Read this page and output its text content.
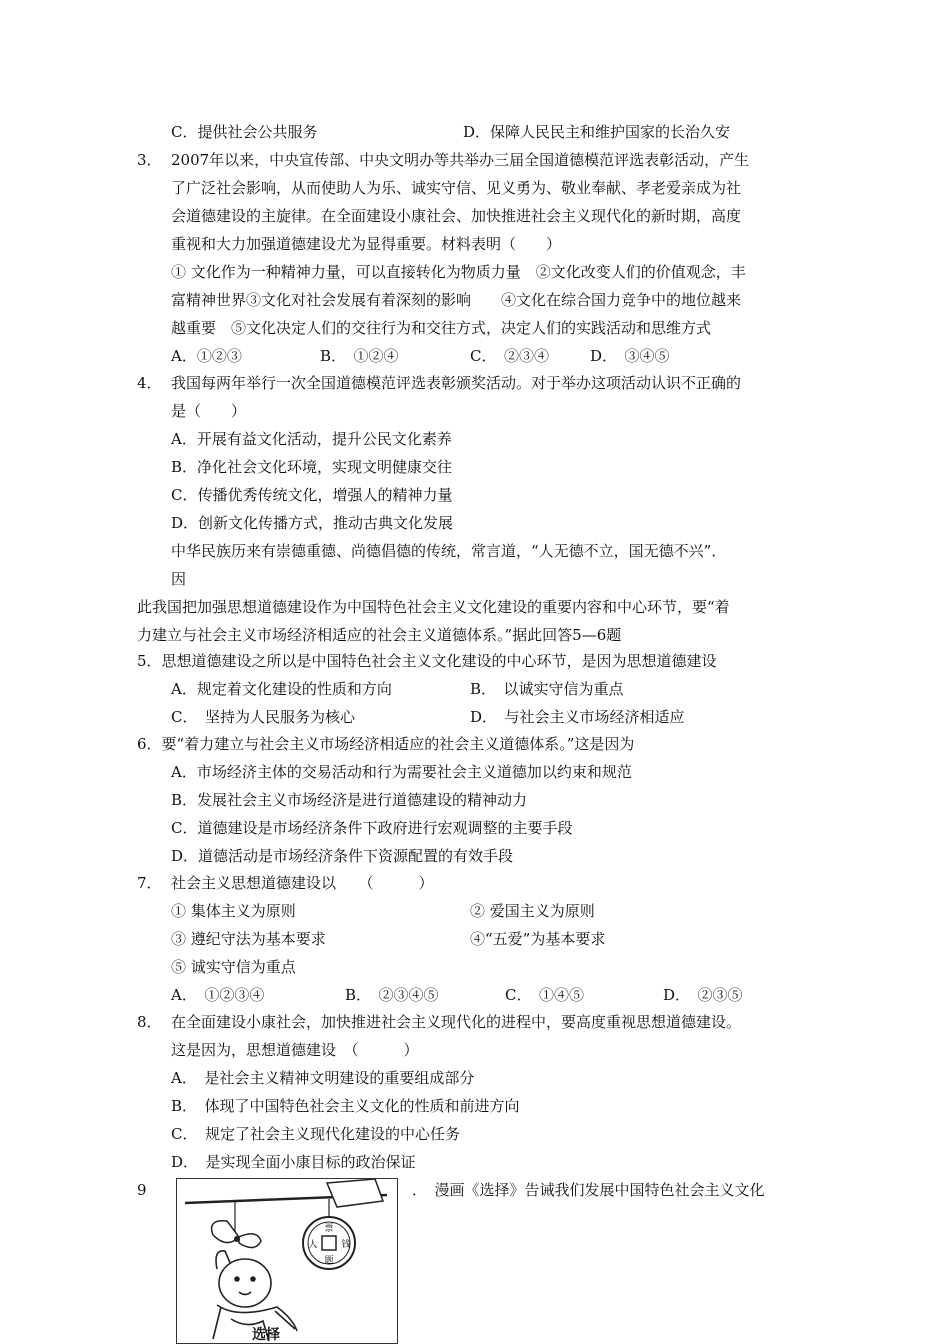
C．提供社会公共服务	D．保障人民民主和维护国家的长治久安
3． 2007年以来，中央宣传部、中央文明办等共举办三届全国道德模范评选表彰活动，产生
了广泛社会影响，从而使助人为乐、诚实守信、见义勇为、敬业奉献、孝老爱亲成为社
会道德建设的主旋律。在全面建设小康社会、加快推进社会主义现代化的新时期，高度
重视和大力加强道德建设尤为显得重要。材料表明（　　）
① 文化作为一种精神力量，可以直接转化为物质力量　②文化改变人们的价值观念，丰
富精神世界③文化对社会发展有着深刻的影响　　④文化在综合国力竞争中的地位越来
越重要　⑤文化决定人们的交往行为和交往方式，决定人们的实践活动和思维方式
A．①②③	B．　①②④	C．　②③④	D．　③④⑤
4． 我国每两年举行一次全国道德模范评选表彰颁奖活动。对于举办这项活动认识不正确的
是（　　）
A．开展有益文化活动，提升公民文化素养
B．净化社会文化环境，实现文明健康交往
C．传播优秀传统文化，增强人的精神力量
D．创新文化传播方式，推动古典文化发展
中华民族历来有崇德重德、尚德倡德的传统，常言道，“人无德不立，国无德不兴”．
因
此我国把加强思想道德建设作为中国特色社会主义文化建设的重要内容和中心环节，要“着
力建立与社会主义市场经济相适应的社会主义道德体系。”据此回答5—6题
5．思想道德建设之所以是中国特色社会主义文化建设的中心环节，是因为思想道德建设
A．规定着文化建设的性质和方向	B．　以诚实守信为重点
C．　坚持为人民服务为核心	D．　与社会主义市场经济相适应
6．要“着力建立与社会主义市场经济相适应的社会主义道德体系。”这是因为
A．市场经济主体的交易活动和行为需要社会主义道德加以约束和规范
B．发展社会主义市场经济是进行道德建设的精神动力
C．道德建设是市场经济条件下政府进行宏观调整的主要手段
D．道德活动是市场经济条件下资源配置的有效手段
7． 社会主义思想道德建设以　　（　　　）
① 集体主义为原则	② 爱国主义为原则
③ 遵纪守法为基本要求	④“五爱”为基本要求
⑤ 诚实守信为重点
A．　①②③④	B．　②③④⑤	C．　①④⑤	D．　②③⑤
8． 在全面建设小康社会，加快推进社会主义现代化的进程中，要高度重视思想道德建设。
这是因为，思想道德建设　（　　　）
A．　是社会主义精神文明建设的重要组成部分
B．　体现了中国特色社会主义文化的性质和前进方向
C．　规定了社会主义现代化建设的中心任务
D．　是实现全面小康目标的政治保证
9	．　漫画《选择》告诫我们发展中国特色社会主义文化
票
人	钱
题
选择
